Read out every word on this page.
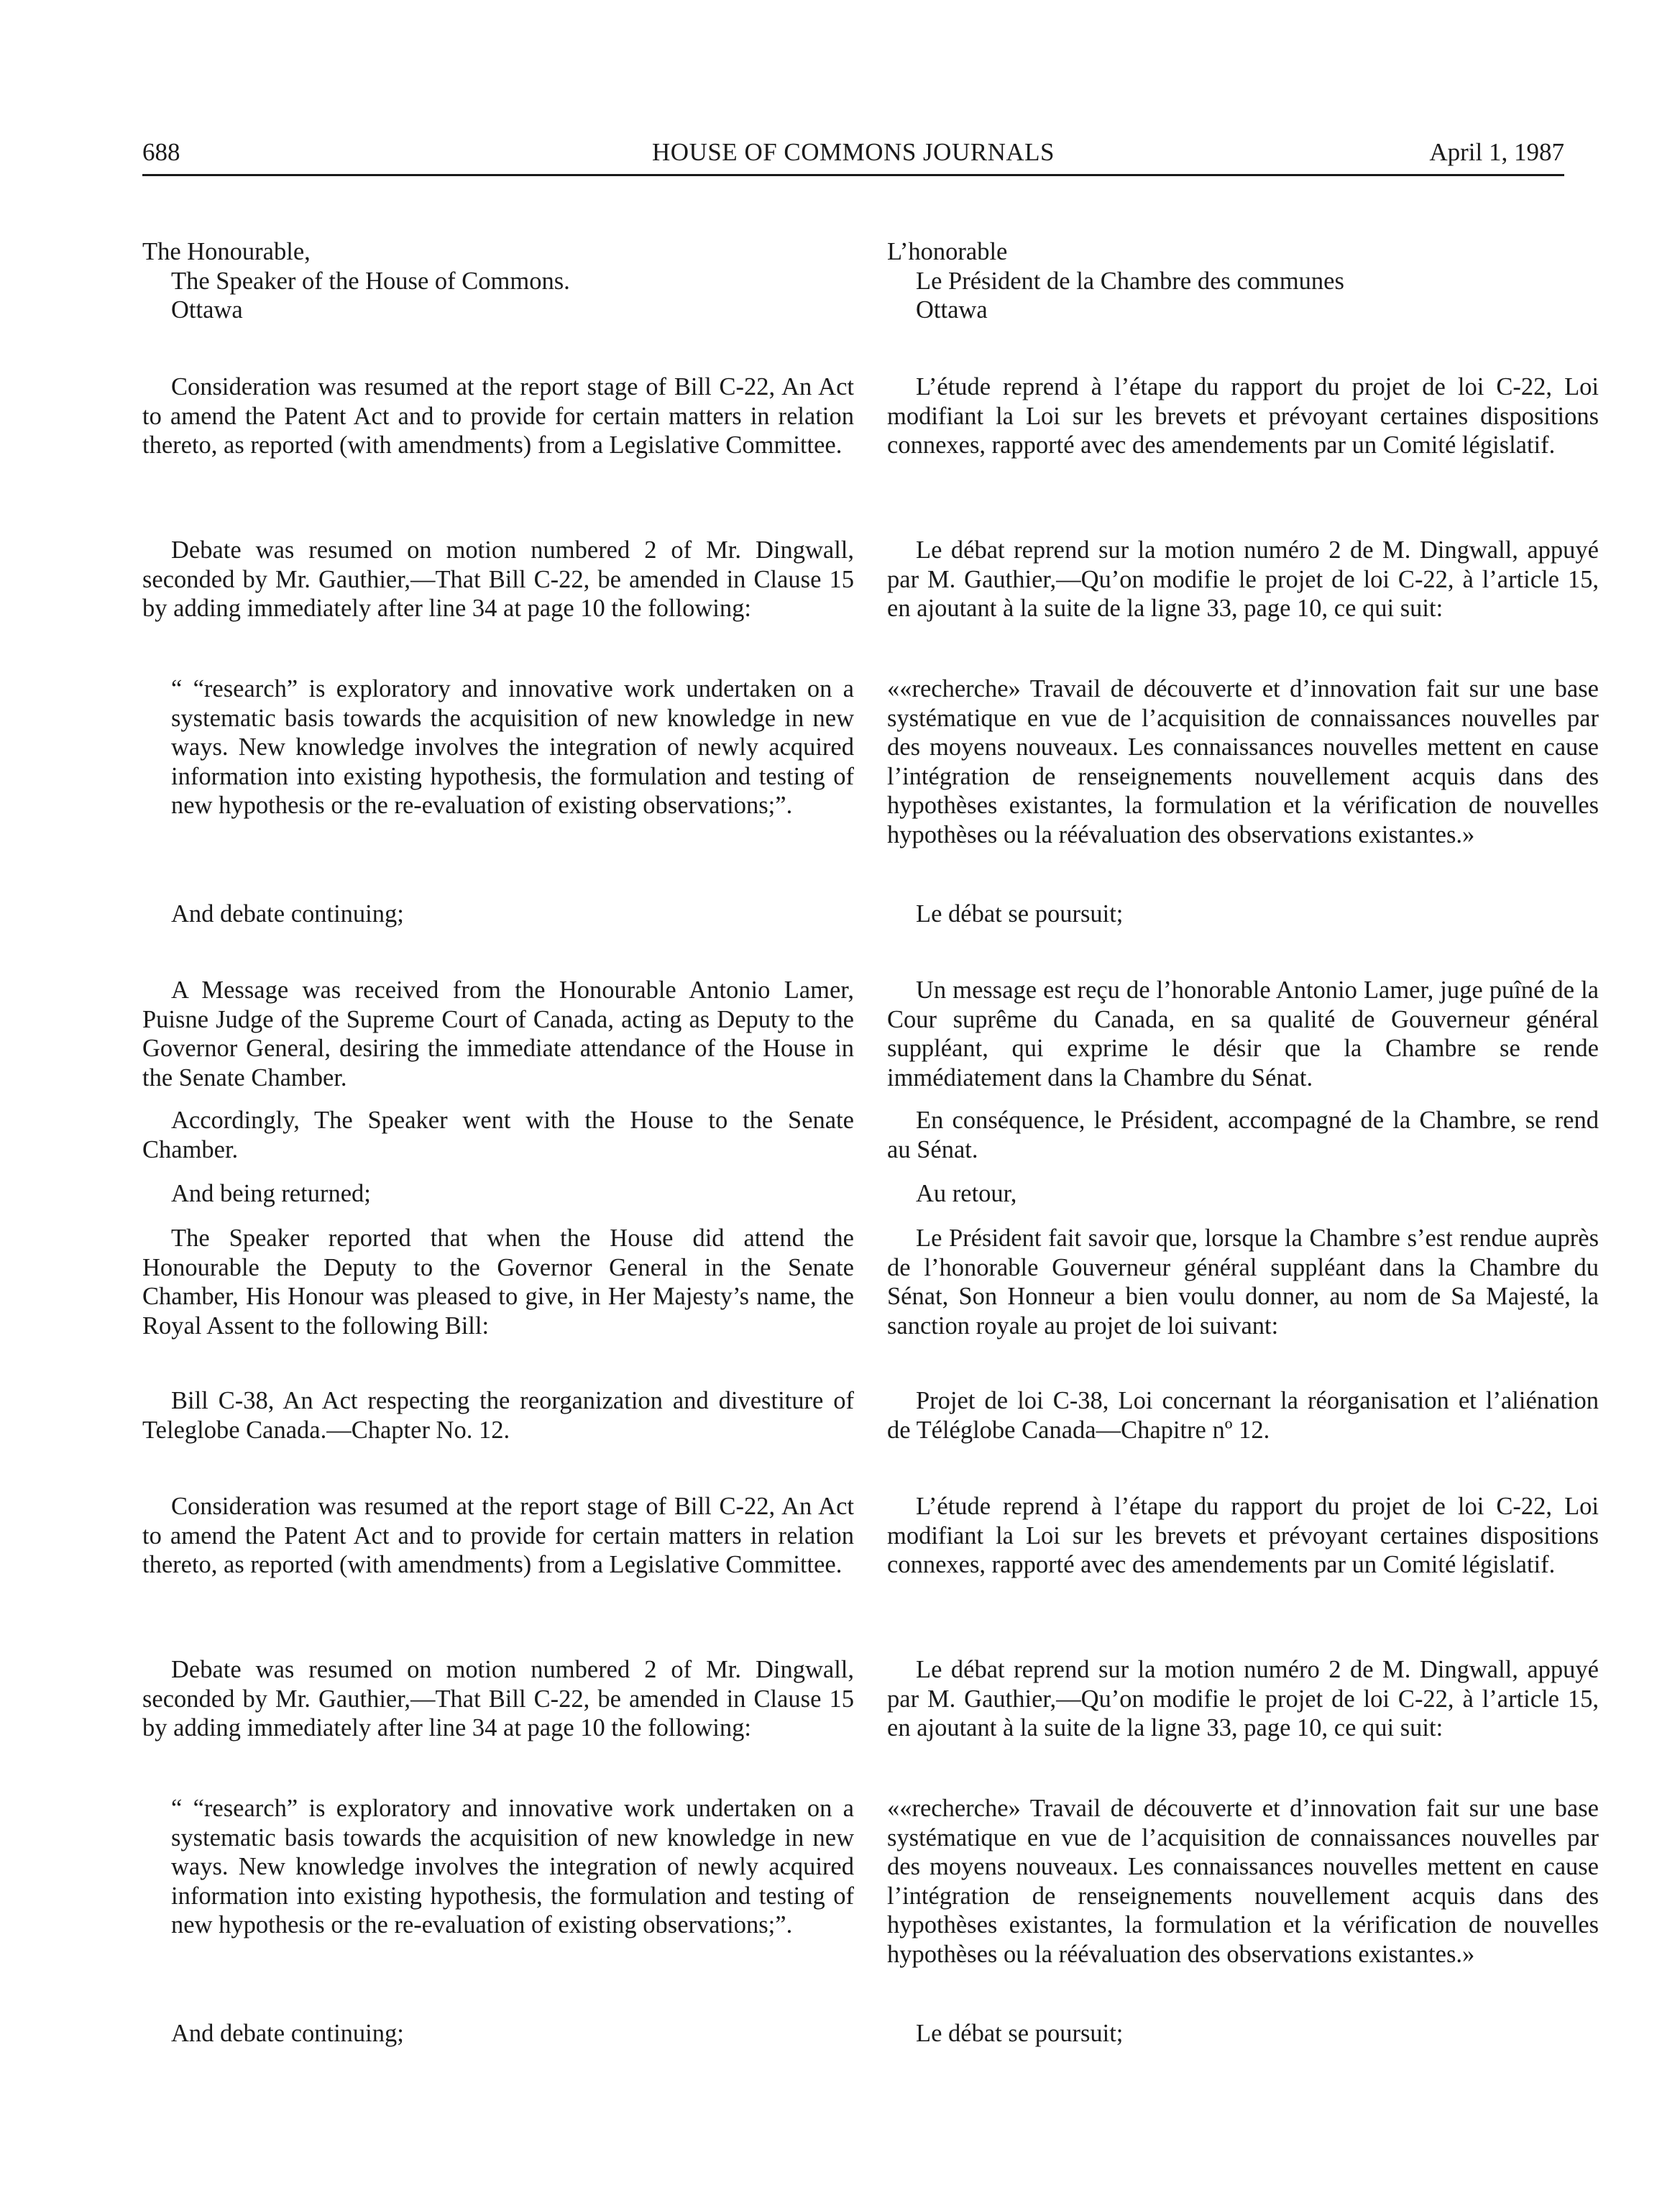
688	HOUSE OF COMMONS JOURNALS	April 1, 1987
The Honourable,
The Speaker of the House of Commons.
Ottawa

Consideration was resumed at the report stage of Bill C-22, An Act to amend the Patent Act and to provide for certain matters in relation thereto, as reported (with amendments) from a Legislative Committee.

Debate was resumed on motion numbered 2 of Mr. Dingwall, seconded by Mr. Gauthier,—That Bill C-22, be amended in Clause 15 by adding immediately after line 34 at page 10 the following:

“ “research” is exploratory and innovative work undertaken on a systematic basis towards the acquisition of new knowledge in new ways. New knowledge involves the integration of newly acquired information into existing hypothesis, the formulation and testing of new hypothesis or the re-evaluation of existing observations;”.

And debate continuing;

A Message was received from the Honourable Antonio Lamer, Puisne Judge of the Supreme Court of Canada, acting as Deputy to the Governor General, desiring the immediate attendance of the House in the Senate Chamber.

Accordingly, The Speaker went with the House to the Senate Chamber.

And being returned;

The Speaker reported that when the House did attend the Honourable the Deputy to the Governor General in the Senate Chamber, His Honour was pleased to give, in Her Majesty’s name, the Royal Assent to the following Bill:

Bill C-38, An Act respecting the reorganization and divestiture of Teleglobe Canada.—Chapter No. 12.

Consideration was resumed at the report stage of Bill C-22, An Act to amend the Patent Act and to provide for certain matters in relation thereto, as reported (with amendments) from a Legislative Committee.

Debate was resumed on motion numbered 2 of Mr. Dingwall, seconded by Mr. Gauthier,—That Bill C-22, be amended in Clause 15 by adding immediately after line 34 at page 10 the following:

“ “research” is exploratory and innovative work undertaken on a systematic basis towards the acquisition of new knowledge in new ways. New knowledge involves the integration of newly acquired information into existing hypothesis, the formulation and testing of new hypothesis or the re-evaluation of existing observations;”.

And debate continuing;

L’honorable
Le Président de la Chambre des communes
Ottawa

L’étude reprend à l’étape du rapport du projet de loi C-22, Loi modifiant la Loi sur les brevets et prévoyant certaines dispositions connexes, rapporté avec des amendements par un Comité législatif.

Le débat reprend sur la motion numéro 2 de M. Dingwall, appuyé par M. Gauthier,—Qu’on modifie le projet de loi C-22, à l’article 15, en ajoutant à la suite de la ligne 33, page 10, ce qui suit:

««recherche» Travail de découverte et d’innovation fait sur une base systématique en vue de l’acquisition de connaissances nouvelles par des moyens nouveaux. Les connaissances nouvelles mettent en cause l’intégration de renseignements nouvellement acquis dans des hypothèses existantes, la formulation et la vérification de nouvelles hypothèses ou la réévaluation des observations existantes.»

Le débat se poursuit;

Un message est reçu de l’honorable Antonio Lamer, juge puîné de la Cour suprême du Canada, en sa qualité de Gouverneur général suppléant, qui exprime le désir que la Chambre se rende immédiatement dans la Chambre du Sénat.

En conséquence, le Président, accompagné de la Chambre, se rend au Sénat.

Au retour,

Le Président fait savoir que, lorsque la Chambre s’est rendue auprès de l’honorable Gouverneur général suppléant dans la Chambre du Sénat, Son Honneur a bien voulu donner, au nom de Sa Majesté, la sanction royale au projet de loi suivant:

Projet de loi C-38, Loi concernant la réorganisation et l’aliénation de Téléglobe Canada—Chapitre nº 12.

L’étude reprend à l’étape du rapport du projet de loi C-22, Loi modifiant la Loi sur les brevets et prévoyant certaines dispositions connexes, rapporté avec des amendements par un Comité législatif.

Le débat reprend sur la motion numéro 2 de M. Dingwall, appuyé par M. Gauthier,—Qu’on modifie le projet de loi C-22, à l’article 15, en ajoutant à la suite de la ligne 33, page 10, ce qui suit:

««recherche» Travail de découverte et d’innovation fait sur une base systématique en vue de l’acquisition de connaissances nouvelles par des moyens nouveaux. Les connaissances nouvelles mettent en cause l’intégration de renseignements nouvellement acquis dans des hypothèses existantes, la formulation et la vérification de nouvelles hypothèses ou la réévaluation des observations existantes.»

Le débat se poursuit;
